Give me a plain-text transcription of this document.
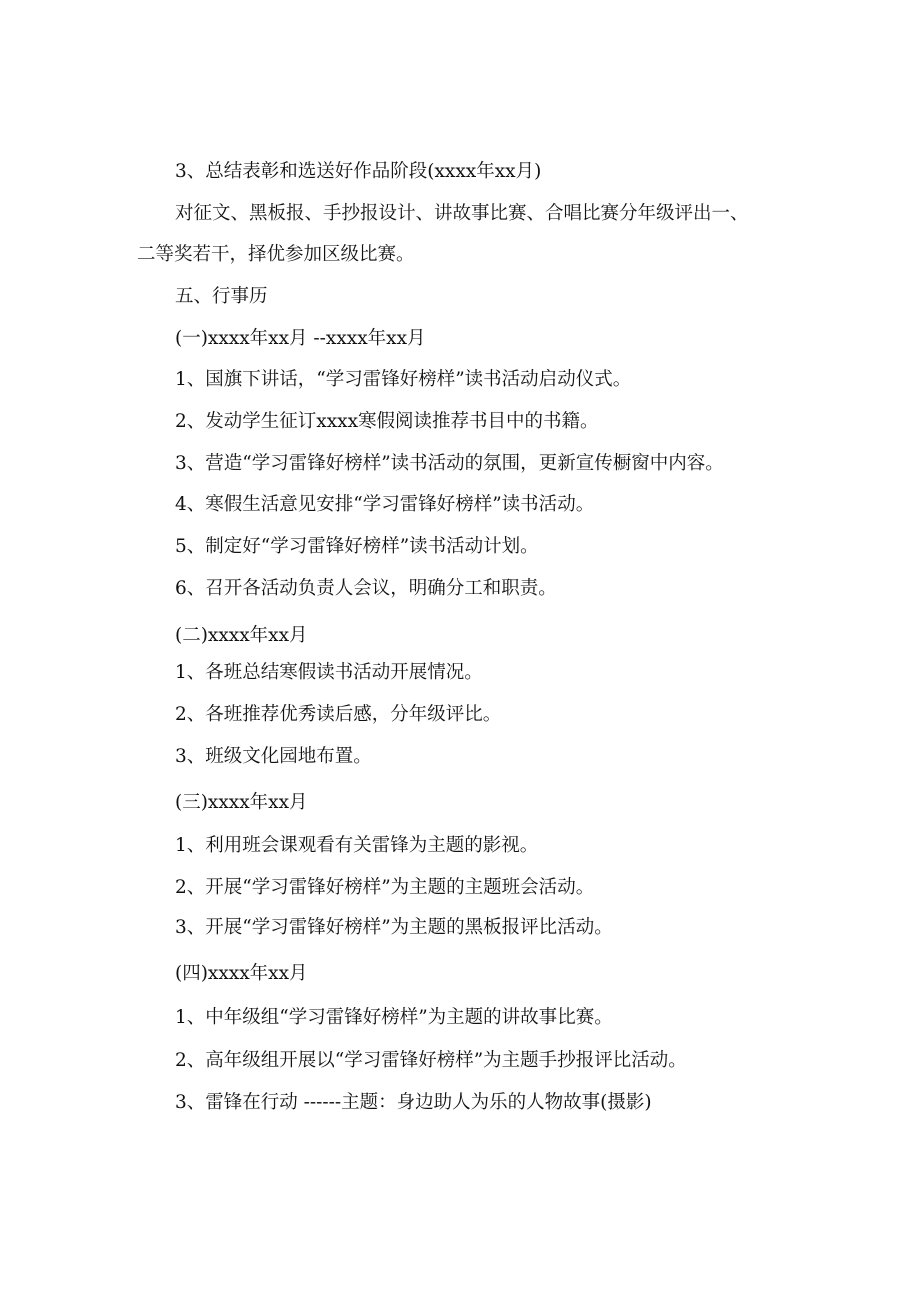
3、总结表彰和选送好作品阶段(xxxx年xx月)
对征文、黑板报、手抄报设计、讲故事比赛、合唱比赛分年级评出一、
二等奖若干，择优参加区级比赛。
五、行事历
(一)xxxx年xx月 --xxxx年xx月
1、国旗下讲话，“学习雷锋好榜样”读书活动启动仪式。
2、发动学生征订xxxx寒假阅读推荐书目中的书籍。
3、营造“学习雷锋好榜样”读书活动的氛围，更新宣传橱窗中内容。
4、寒假生活意见安排“学习雷锋好榜样”读书活动。
5、制定好“学习雷锋好榜样”读书活动计划。
6、召开各活动负责人会议，明确分工和职责。
(二)xxxx年xx月
1、各班总结寒假读书活动开展情况。
2、各班推荐优秀读后感，分年级评比。
3、班级文化园地布置。
(三)xxxx年xx月
1、利用班会课观看有关雷锋为主题的影视。
2、开展“学习雷锋好榜样”为主题的主题班会活动。
3、开展“学习雷锋好榜样”为主题的黑板报评比活动。
(四)xxxx年xx月
1、中年级组“学习雷锋好榜样”为主题的讲故事比赛。
2、高年级组开展以“学习雷锋好榜样”为主题手抄报评比活动。
3、雷锋在行动 ------主题：身边助人为乐的人物故事(摄影)
